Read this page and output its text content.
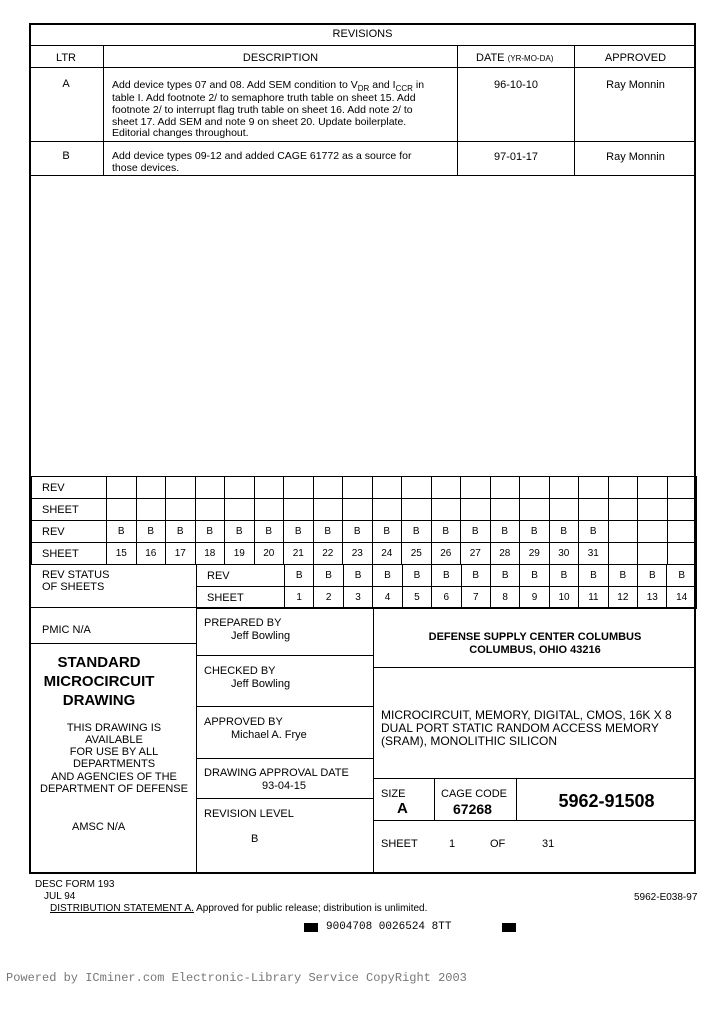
REVISIONS
LTR	DESCRIPTION	DATE (YR-MO-DA)	APPROVED
A	Add device types 07 and 08. Add SEM condition to $V_{DR}$ and $I_{CCR}$ in
table I. Add footnote 2/ to semaphore truth table on sheet 15. Add
footnote 2/ to interrupt flag truth table on sheet 16. Add note 2/ to
sheet 17. Add SEM and note 9 on sheet 20. Update boilerplate.
Editorial changes throughout.
96-10-10	Ray Monnin
B	Add device types 09-12 and added CAGE 61772 as a source for
those devices.
97-01-17	Ray Monnin
REV																				
SHEET																				
REV	B	B	B	B	B	B	B	B	B	B	B	B	B	B	B	B	B			
SHEET	15	16	17	18	19	20	21	22	23	24	25	26	27	28	29	30	31			
REV STATUS
OF SHEETS
REV	B	B	B	B	B	B	B	B	B	B	B	B	B	B
SHEET	1	2	3	4	5	6	7	8	9	10	11	12	13	14
PMIC N/A
STANDARD
MICROCIRCUIT
DRAWING
THIS DRAWING IS
AVAILABLE
FOR USE BY ALL
DEPARTMENTS
AND AGENCIES OF THE
DEPARTMENT OF DEFENSE
AMSC N/A
PREPARED BY
Jeff Bowling
CHECKED BY
Jeff Bowling
APPROVED BY
Michael A. Frye
DRAWING APPROVAL DATE
93-04-15
REVISION LEVEL
B
DEFENSE SUPPLY CENTER COLUMBUS
COLUMBUS, OHIO 43216
MICROCIRCUIT, MEMORY, DIGITAL, CMOS, 16K X 8
DUAL PORT STATIC RANDOM ACCESS MEMORY
(SRAM), MONOLITHIC SILICON
SIZE
A
CAGE CODE
67268	5962-91508
SHEET	1	OF	31
DESC FORM 193
JUL 94
DISTRIBUTION STATEMENT A. Approved for public release; distribution is unlimited.
5962-E038-97
9004708 0026524 8TT
Powered by ICminer.com Electronic-Library Service CopyRight 2003
